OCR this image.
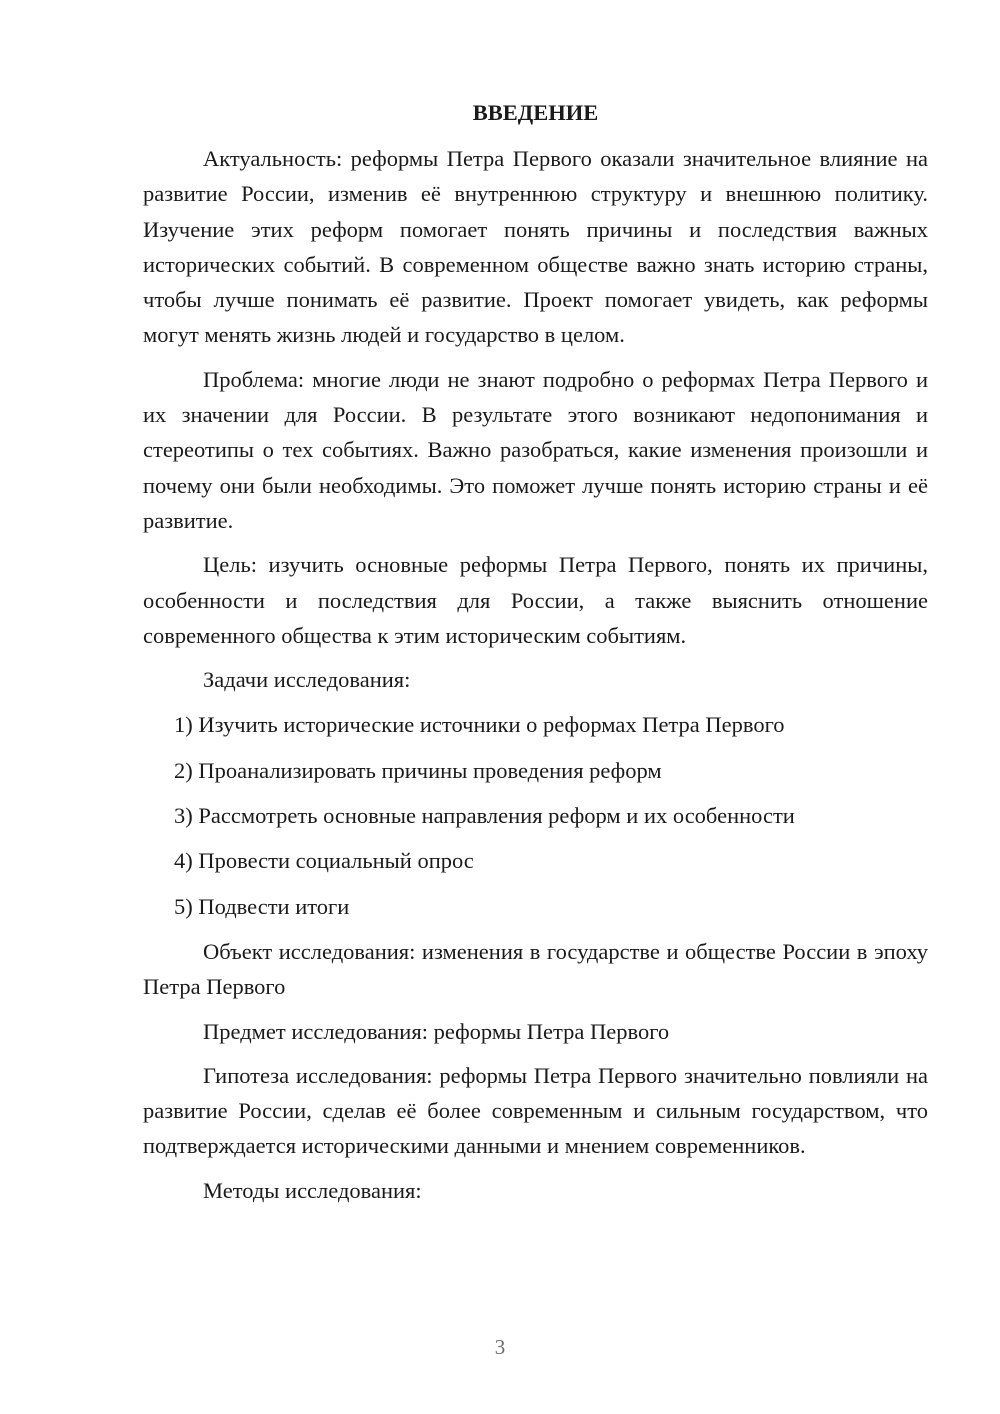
ВВЕДЕНИЕ

Актуальность: реформы Петра Первого оказали значительное влияние на развитие России, изменив её внутреннюю структуру и внешнюю политику. Изучение этих реформ помогает понять причины и последствия важных исторических событий. В современном обществе важно знать историю страны, чтобы лучше понимать её развитие. Проект помогает увидеть, как реформы могут менять жизнь людей и государство в целом.

Проблема: многие люди не знают подробно о реформах Петра Первого и их значении для России. В результате этого возникают недопонимания и стереотипы о тех событиях. Важно разобраться, какие изменения произошли и почему они были необходимы. Это поможет лучше понять историю страны и её развитие.

Цель: изучить основные реформы Петра Первого, понять их причины, особенности и последствия для России, а также выяснить отношение современного общества к этим историческим событиям.

Задачи исследования:

1) Изучить исторические источники о реформах Петра Первого
2) Проанализировать причины проведения реформ
3) Рассмотреть основные направления реформ и их особенности
4) Провести социальный опрос
5) Подвести итоги

Объект исследования: изменения в государстве и обществе России в эпоху Петра Первого

Предмет исследования: реформы Петра Первого

Гипотеза исследования: реформы Петра Первого значительно повлияли на развитие России, сделав её более современным и сильным государством, что подтверждается историческими данными и мнением современников.

Методы исследования:

3
